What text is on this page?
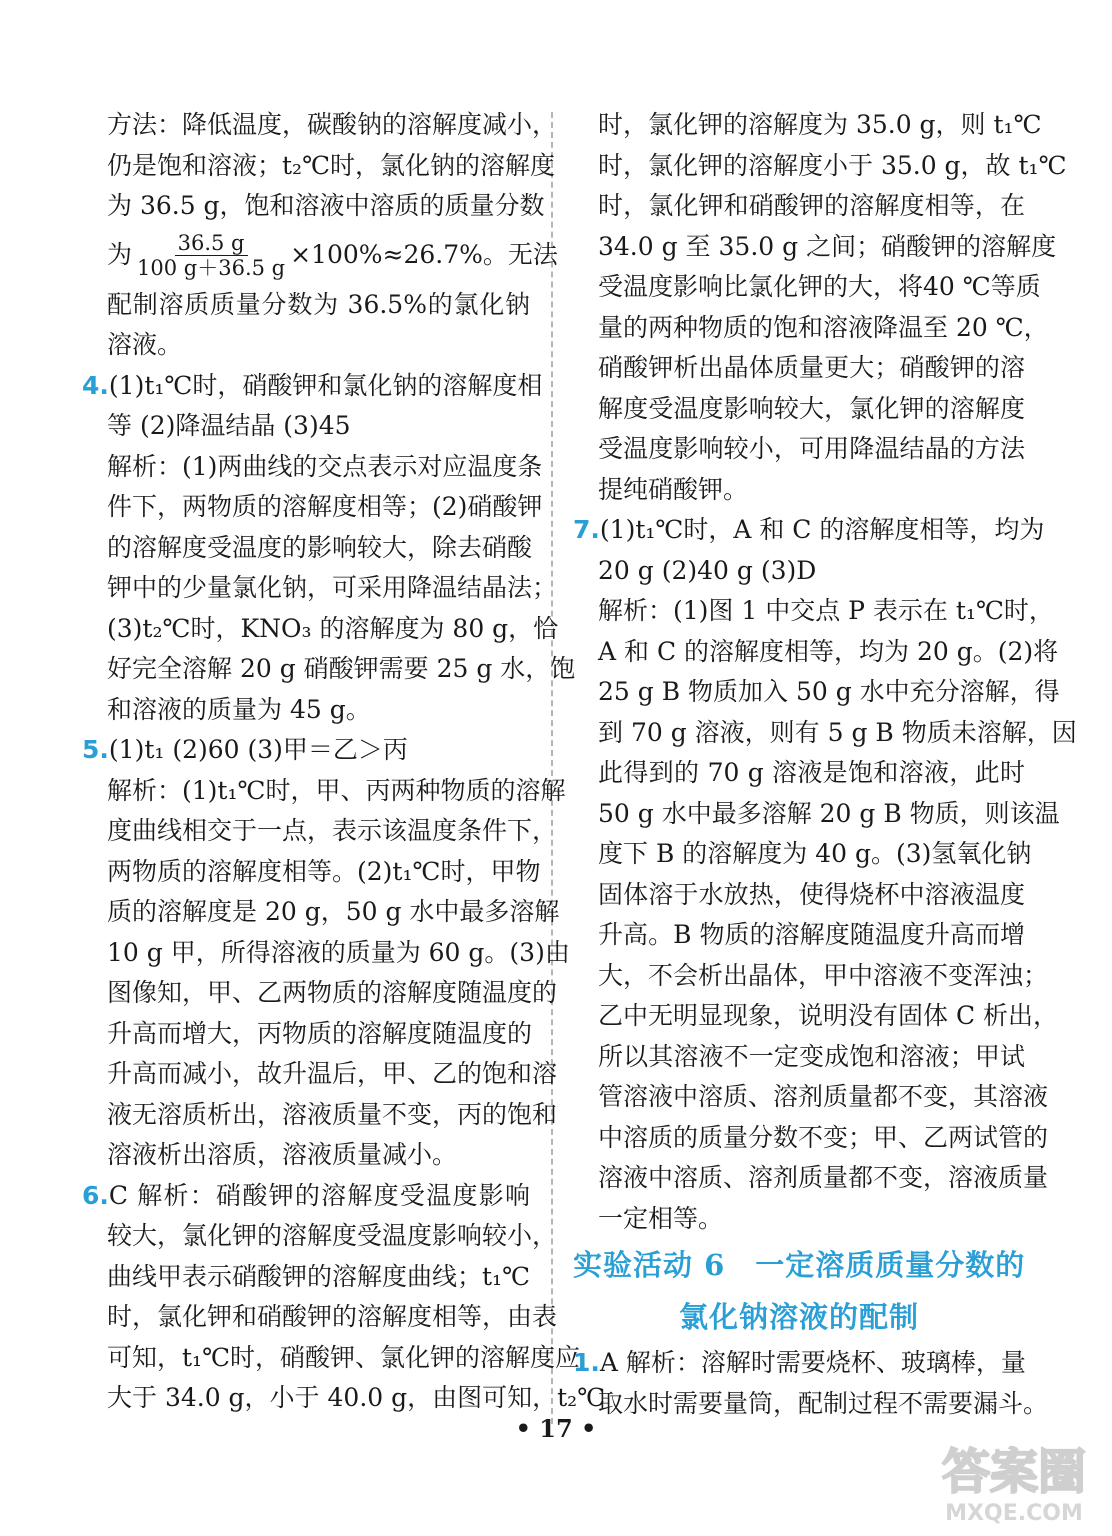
方法：降低温度，碳酸钠的溶解度减小，
仍是饱和溶液；t₂℃时，氯化钠的溶解度
为 36.5 g，饱和溶液中溶质的质量分数
为 $\frac{36.5 g}{100 g+36.5 g} \times 100\%\approx 26.7\%$。无法
配制溶质质量分数为 36.5%的氯化钠
溶液。
4.(1)t₁℃时，硝酸钾和氯化钠的溶解度相
等 (2)降温结晶 (3)45
解析：(1)两曲线的交点表示对应温度条
件下，两物质的溶解度相等；(2)硝酸钾
的溶解度受温度的影响较大，除去硝酸
钾中的少量氯化钠，可采用降温结晶法；
(3)t₂℃时，KNO₃ 的溶解度为 80 g，恰
好完全溶解 20 g 硝酸钾需要 25 g 水，饱
和溶液的质量为 45 g。
5.(1)t₁ (2)60 (3)甲＝乙＞丙
解析：(1)t₁℃时，甲、丙两种物质的溶解
度曲线相交于一点，表示该温度条件下，
两物质的溶解度相等。(2)t₁℃时，甲物
质的溶解度是 20 g，50 g 水中最多溶解
10 g 甲，所得溶液的质量为 60 g。(3)由
图像知，甲、乙两物质的溶解度随温度的
升高而增大，丙物质的溶解度随温度的
升高而减小，故升温后，甲、乙的饱和溶
液无溶质析出，溶液质量不变，丙的饱和
溶液析出溶质，溶液质量减小。
6.C 解析：硝酸钾的溶解度受温度影响
较大，氯化钾的溶解度受温度影响较小，
曲线甲表示硝酸钾的溶解度曲线；t₁℃
时，氯化钾和硝酸钾的溶解度相等，由表
可知，t₁℃时，硝酸钾、氯化钾的溶解度应
大于 34.0 g，小于 40.0 g，由图可知，t₂℃
时，氯化钾的溶解度为 35.0 g，则 t₁℃
时，氯化钾的溶解度小于 35.0 g，故 t₁℃
时，氯化钾和硝酸钾的溶解度相等，在
34.0 g 至 35.0 g 之间；硝酸钾的溶解度
受温度影响比氯化钾的大，将40 ℃等质
量的两种物质的饱和溶液降温至 20 ℃，
硝酸钾析出晶体质量更大；硝酸钾的溶
解度受温度影响较大，氯化钾的溶解度
受温度影响较小，可用降温结晶的方法
提纯硝酸钾。
7.(1)t₁℃时，A 和 C 的溶解度相等，均为
20 g (2)40 g (3)D
解析：(1)图 1 中交点 P 表示在 t₁℃时，
A 和 C 的溶解度相等，均为 20 g。(2)将
25 g B 物质加入 50 g 水中充分溶解，得
到 70 g 溶液，则有 5 g B 物质未溶解，因
此得到的 70 g 溶液是饱和溶液，此时
50 g 水中最多溶解 20 g B 物质，则该温
度下 B 的溶解度为 40 g。(3)氢氧化钠
固体溶于水放热，使得烧杯中溶液温度
升高。B 物质的溶解度随温度升高而增
大，不会析出晶体，甲中溶液不变浑浊；
乙中无明显现象，说明没有固体 C 析出，
所以其溶液不一定变成饱和溶液；甲试
管溶液中溶质、溶剂质量都不变，其溶液
中溶质的质量分数不变；甲、乙两试管的
溶液中溶质、溶剂质量都不变，溶液质量
一定相等。
实验活动 6　一定溶质质量分数的
氯化钠溶液的配制
1.A 解析：溶解时需要烧杯、玻璃棒，量
取水时需要量筒，配制过程不需要漏斗。
• 17 •
答案圈
MXQE.COM
